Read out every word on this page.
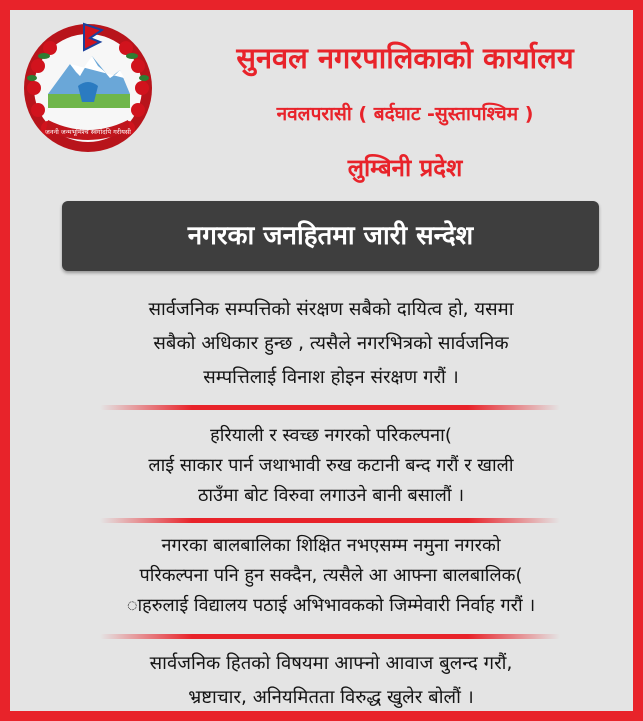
जननी जन्मभूमिश्च स्वर्गादपि गरीयसी
सुनवल नगरपालिकाको कार्यालय
नवलपरासी ( बर्दघाट -सुस्तापश्चिम )
लुम्बिनी प्रदेश
नगरका जनहितमा जारी सन्देश
सार्वजनिक सम्पत्तिको संरक्षण सबैको दायित्व हो, यसमा
सबैको अधिकार हुन्छ , त्यसैले नगरभित्रको सार्वजनिक
सम्पत्तिलाई विनाश होइन संरक्षण गरौं ।
हरियाली र स्वच्छ नगरको परिकल्पना(
लाई साकार पार्न जथाभावी रुख कटानी बन्द गरौं र खाली
ठाउँमा बोट विरुवा लगाउने बानी बसालौं ।
नगरका बालबालिका शिक्षित नभएसम्म नमुना नगरको
परिकल्पना पनि हुन सक्दैन, त्यसैले आ आफ्ना बालबालिक(
ाहरुलाई विद्यालय पठाई अभिभावकको जिम्मेवारी निर्वाह गरौं ।
सार्वजनिक हितको विषयमा आफ्नो आवाज बुलन्द गरौं,
भ्रष्टाचार, अनियमितता विरुद्ध खुलेर बोलौं ।
